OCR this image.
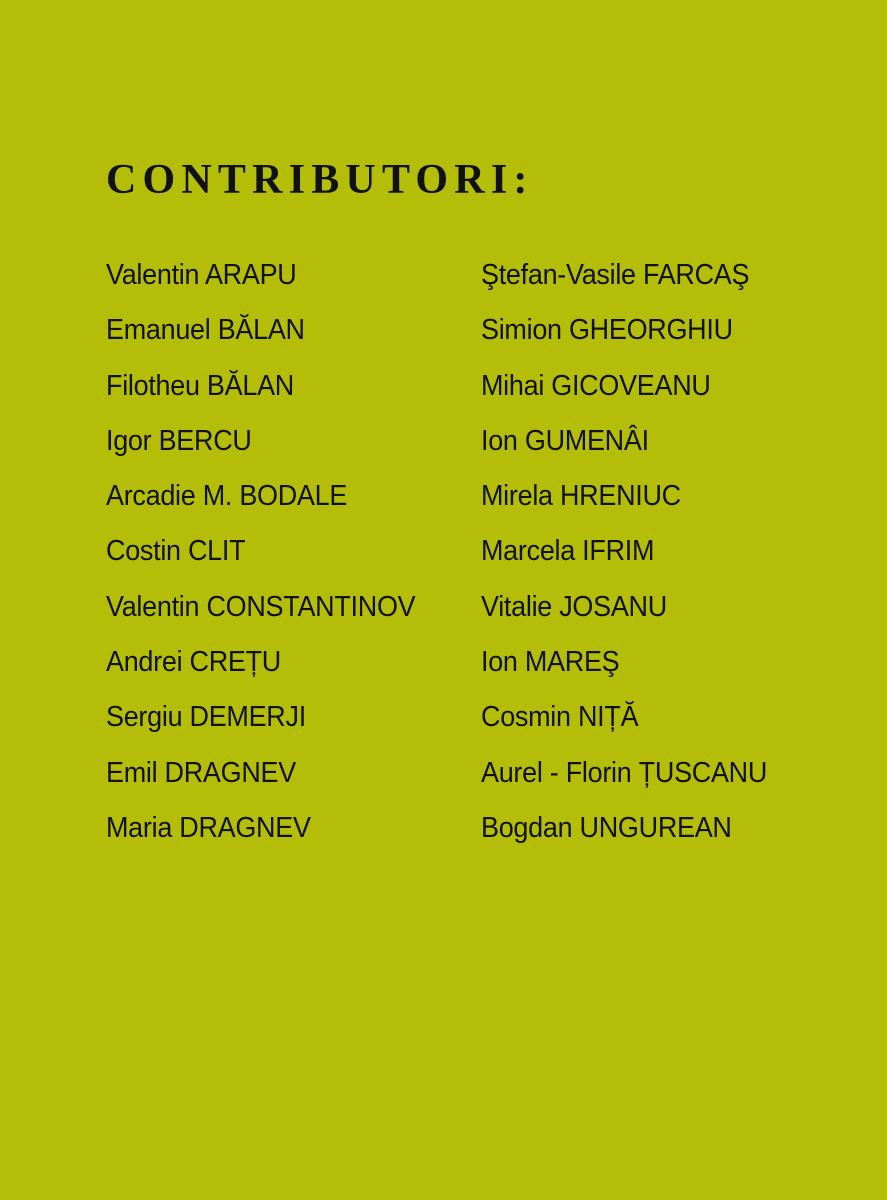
CONTRIBUTORI:
Valentin ARAPU
Emanuel BĂLAN
Filotheu BĂLAN
Igor BERCU
Arcadie M. BODALE
Costin CLIT
Valentin CONSTANTINOV
Andrei CREȚU
Sergiu DEMERJI
Emil DRAGNEV
Maria DRAGNEV
Ştefan-Vasile FARCAŞ
Simion GHEORGHIU
Mihai GICOVEANU
Ion GUMENÂI
Mirela HRENIUC
Marcela IFRIM
Vitalie JOSANU
Ion MAREŞ
Cosmin NIȚĂ
Aurel - Florin ȚUSCANU
Bogdan UNGUREAN
